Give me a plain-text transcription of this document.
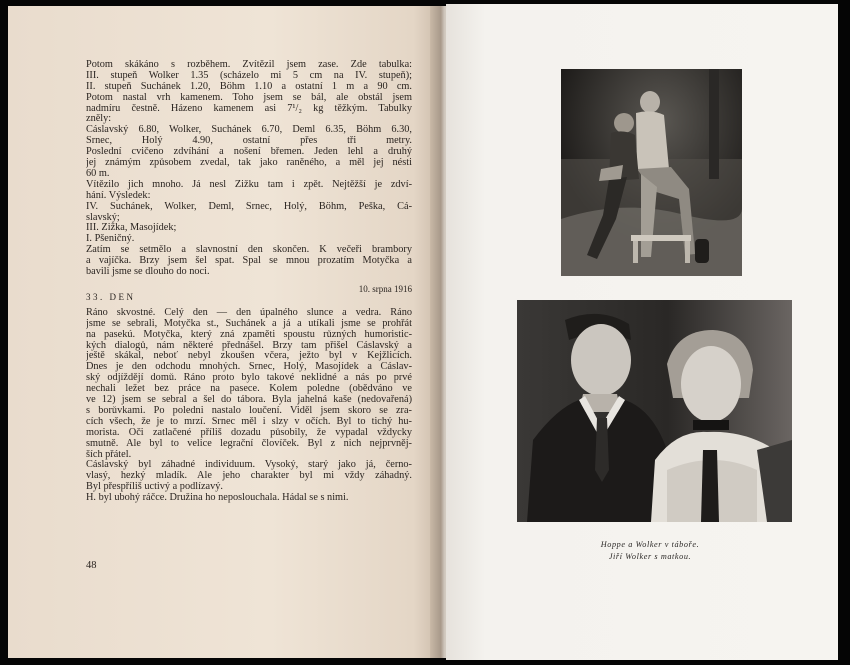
Potom skákáno s rozběhem. Zvítězil jsem zase. Zde tabulka:
III. stupeň Wolker 1.35 (scházelo mi 5 cm na IV. stupeň);
II. stupeň Suchánek 1.20, Böhm 1.10 a ostatní 1 m a 90 cm.
Potom nastal vrh kamenem. Toho jsem se bál, ale obstál jsem
nadmíru čestně. Házeno kamenem asi 7¹/₂ kg těžkým. Tabulky
zněly:
Čáslavský 6.80, Wolker, Suchánek 6.70, Deml 6.35, Böhm 6.30,
Srnec, Holý 4.90, ostatní přes tři metry.
Poslední cvičeno zdvíhání a nošení břemen. Jeden lehl a druhý
jej známým způsobem zvedal, tak jako raněného, a měl jej nésti
60 m.
Vítězilo jich mnoho. Já nesl Žižku tam i zpět. Nejtěžší je zdví-
hání. Výsledek:
IV. Suchánek, Wolker, Deml, Srnec, Holý, Böhm, Peška, Čá-
slavský;
III. Žižka, Masojídek;
I. Pšeničný.
Zatím se setmělo a slavnostní den skončen. K večeři brambory
a vajíčka. Brzy jsem šel spat. Spal se mnou prozatím Motyčka a
bavili jsme se dlouho do noci.
33. DEN
10. srpna 1916
Ráno skvostné. Celý den — den úpalného slunce a vedra. Ráno
jsme se sebrali, Motyčka st., Suchánek a já a utíkali jsme se prohřát
na pasekú. Motyčka, který zná zpaměti spoustu různých humoristic-
kých dialogů, nám některé přednášel. Brzy tam přišel Čáslavský a
ještě skákal, neboť nebyl zkoušen včera, ježto byl v Kejžlicích.
Dnes je den odchodu mnohých. Srnec, Holý, Masojídek a Čáslav-
ský odjíždějí domů. Ráno proto bylo takové neklidné a nás po prvé
nechali ležet bez práce na pasece. Kolem poledne (obědváno ve
ve 12) jsem se sebral a šel do tábora. Byla jahelná kaše (nedovařená)
s borůvkami. Po poledni nastalo loučení. Viděl jsem skoro se zra-
cích všech, že je to mrzí. Srnec měl i slzy v očích. Byl to tichý hu-
morista. Oči zatlačené příliš dozadu působily, že vypadal vždycky
smutně. Ale byl to velice legrační človíček. Byl z nich nejprvněj-
ších přátel.
Čáslavský byl záhadné individuum. Vysoký, starý jako já, černo-
vlasý, hezký mladík. Ale jeho charakter byl mi vždy záhadný.
Byl přespříliš uctivý a podlízavý.
H. byl ubohý ráčce. Družina ho neposlouchala. Hádal se s nimi.
48
Hoppe a Wolker v táboře.
Jiří Wolker s matkou.
